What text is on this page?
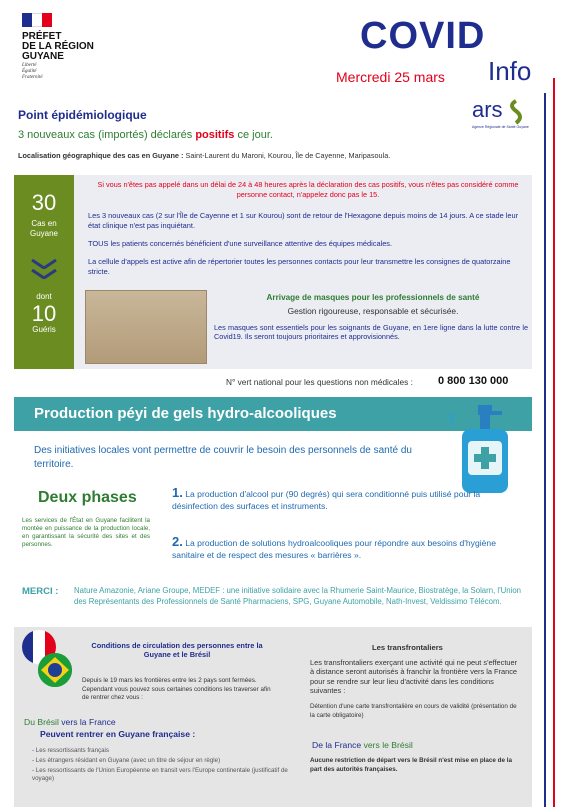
PRÉFET
DE LA RÉGION
GUYANE
Liberté
Égalité
Fraternité
COVID
Mercredi 25 mars Info
ars
Agence Régionale de Santé Guyane
Point épidémiologique
3 nouveaux cas (importés) déclarés positifs ce jour.
Localisation géographique des cas en Guyane : Saint-Laurent du Maroni, Kourou, Île de Cayenne, Maripasoula.
30
Cas en Guyane
dont
10
Guéris
Si vous n'êtes pas appelé dans un délai de 24 à 48 heures après la déclaration des cas positifs, vous n'êtes pas considéré comme personne contact, n'appelez donc pas le 15.
Les 3 nouveaux cas (2 sur l'Île de Cayenne et 1 sur Kourou) sont de retour de l'Hexagone depuis moins de 14 jours. A ce stade leur état clinique n'est pas inquiétant.
TOUS les patients concernés bénéficient d'une surveillance attentive des équipes médicales.
La cellule d'appels est active afin de répertorier toutes les personnes contacts pour leur transmettre les consignes de quatorzaine stricte.
Arrivage de masques pour les professionnels de santé
Gestion rigoureuse, responsable et sécurisée.
Les masques sont essentiels pour les soignants de Guyane, en 1ere ligne dans la lutte contre le Covid19. Ils seront toujours prioritaires et approvisionnés.
N° vert national pour les questions non médicales : 0 800 130 000
Production péyi de gels hydro-alcooliques
Des initiatives locales vont permettre de couvrir le besoin des personnels de santé du territoire.
Deux phases
Les services de l'État en Guyane facilitent la montée en puissance de la production locale, en garantissant la sécurité des sites et des personnes.
1. La production d'alcool pur (90 degrés) qui sera conditionné puis utilisé pour la désinfection des surfaces et instruments.
2. La production de solutions hydroalcooliques pour répondre aux besoins d'hygiène sanitaire et de respect des mesures « barrières ».
MERCI : Nature Amazonie, Ariane Groupe, MEDEF : une initiative solidaire avec la Rhumerie Saint-Maurice, Biostratège, la Solarn, l'Union des Représentants des Professionnels de Santé Pharmaciens, SPG, Guyane Automobile, Nath-Invest, Veldissimo Télécom.
Conditions de circulation des personnes entre la Guyane et le Brésil
Depuis le 19 mars les frontières entre les 2 pays sont fermées. Cependant vous pouvez sous certaines conditions les traverser afin de rentrer chez vous :
Du Brésil vers la France
Peuvent rentrer en Guyane française :
- Les ressortissants français
- Les étrangers résidant en Guyane (avec un titre de séjour en règle)
- Les ressortissants de l'Union Européenne en transit vers l'Europe continentale (justificatif de voyage)
Les transfrontaliers
Les transfrontaliers exerçant une activité qui ne peut s'effectuer à distance seront autorisés à franchir la frontière vers la France pour se rendre sur leur lieu d'activité dans les conditions suivantes :
Détention d'une carte transfrontalière en cours de validité (présentation de la carte obligatoire)
De la France vers le Brésil
Aucune restriction de départ vers le Brésil n'est mise en place de la part des autorités françaises.
